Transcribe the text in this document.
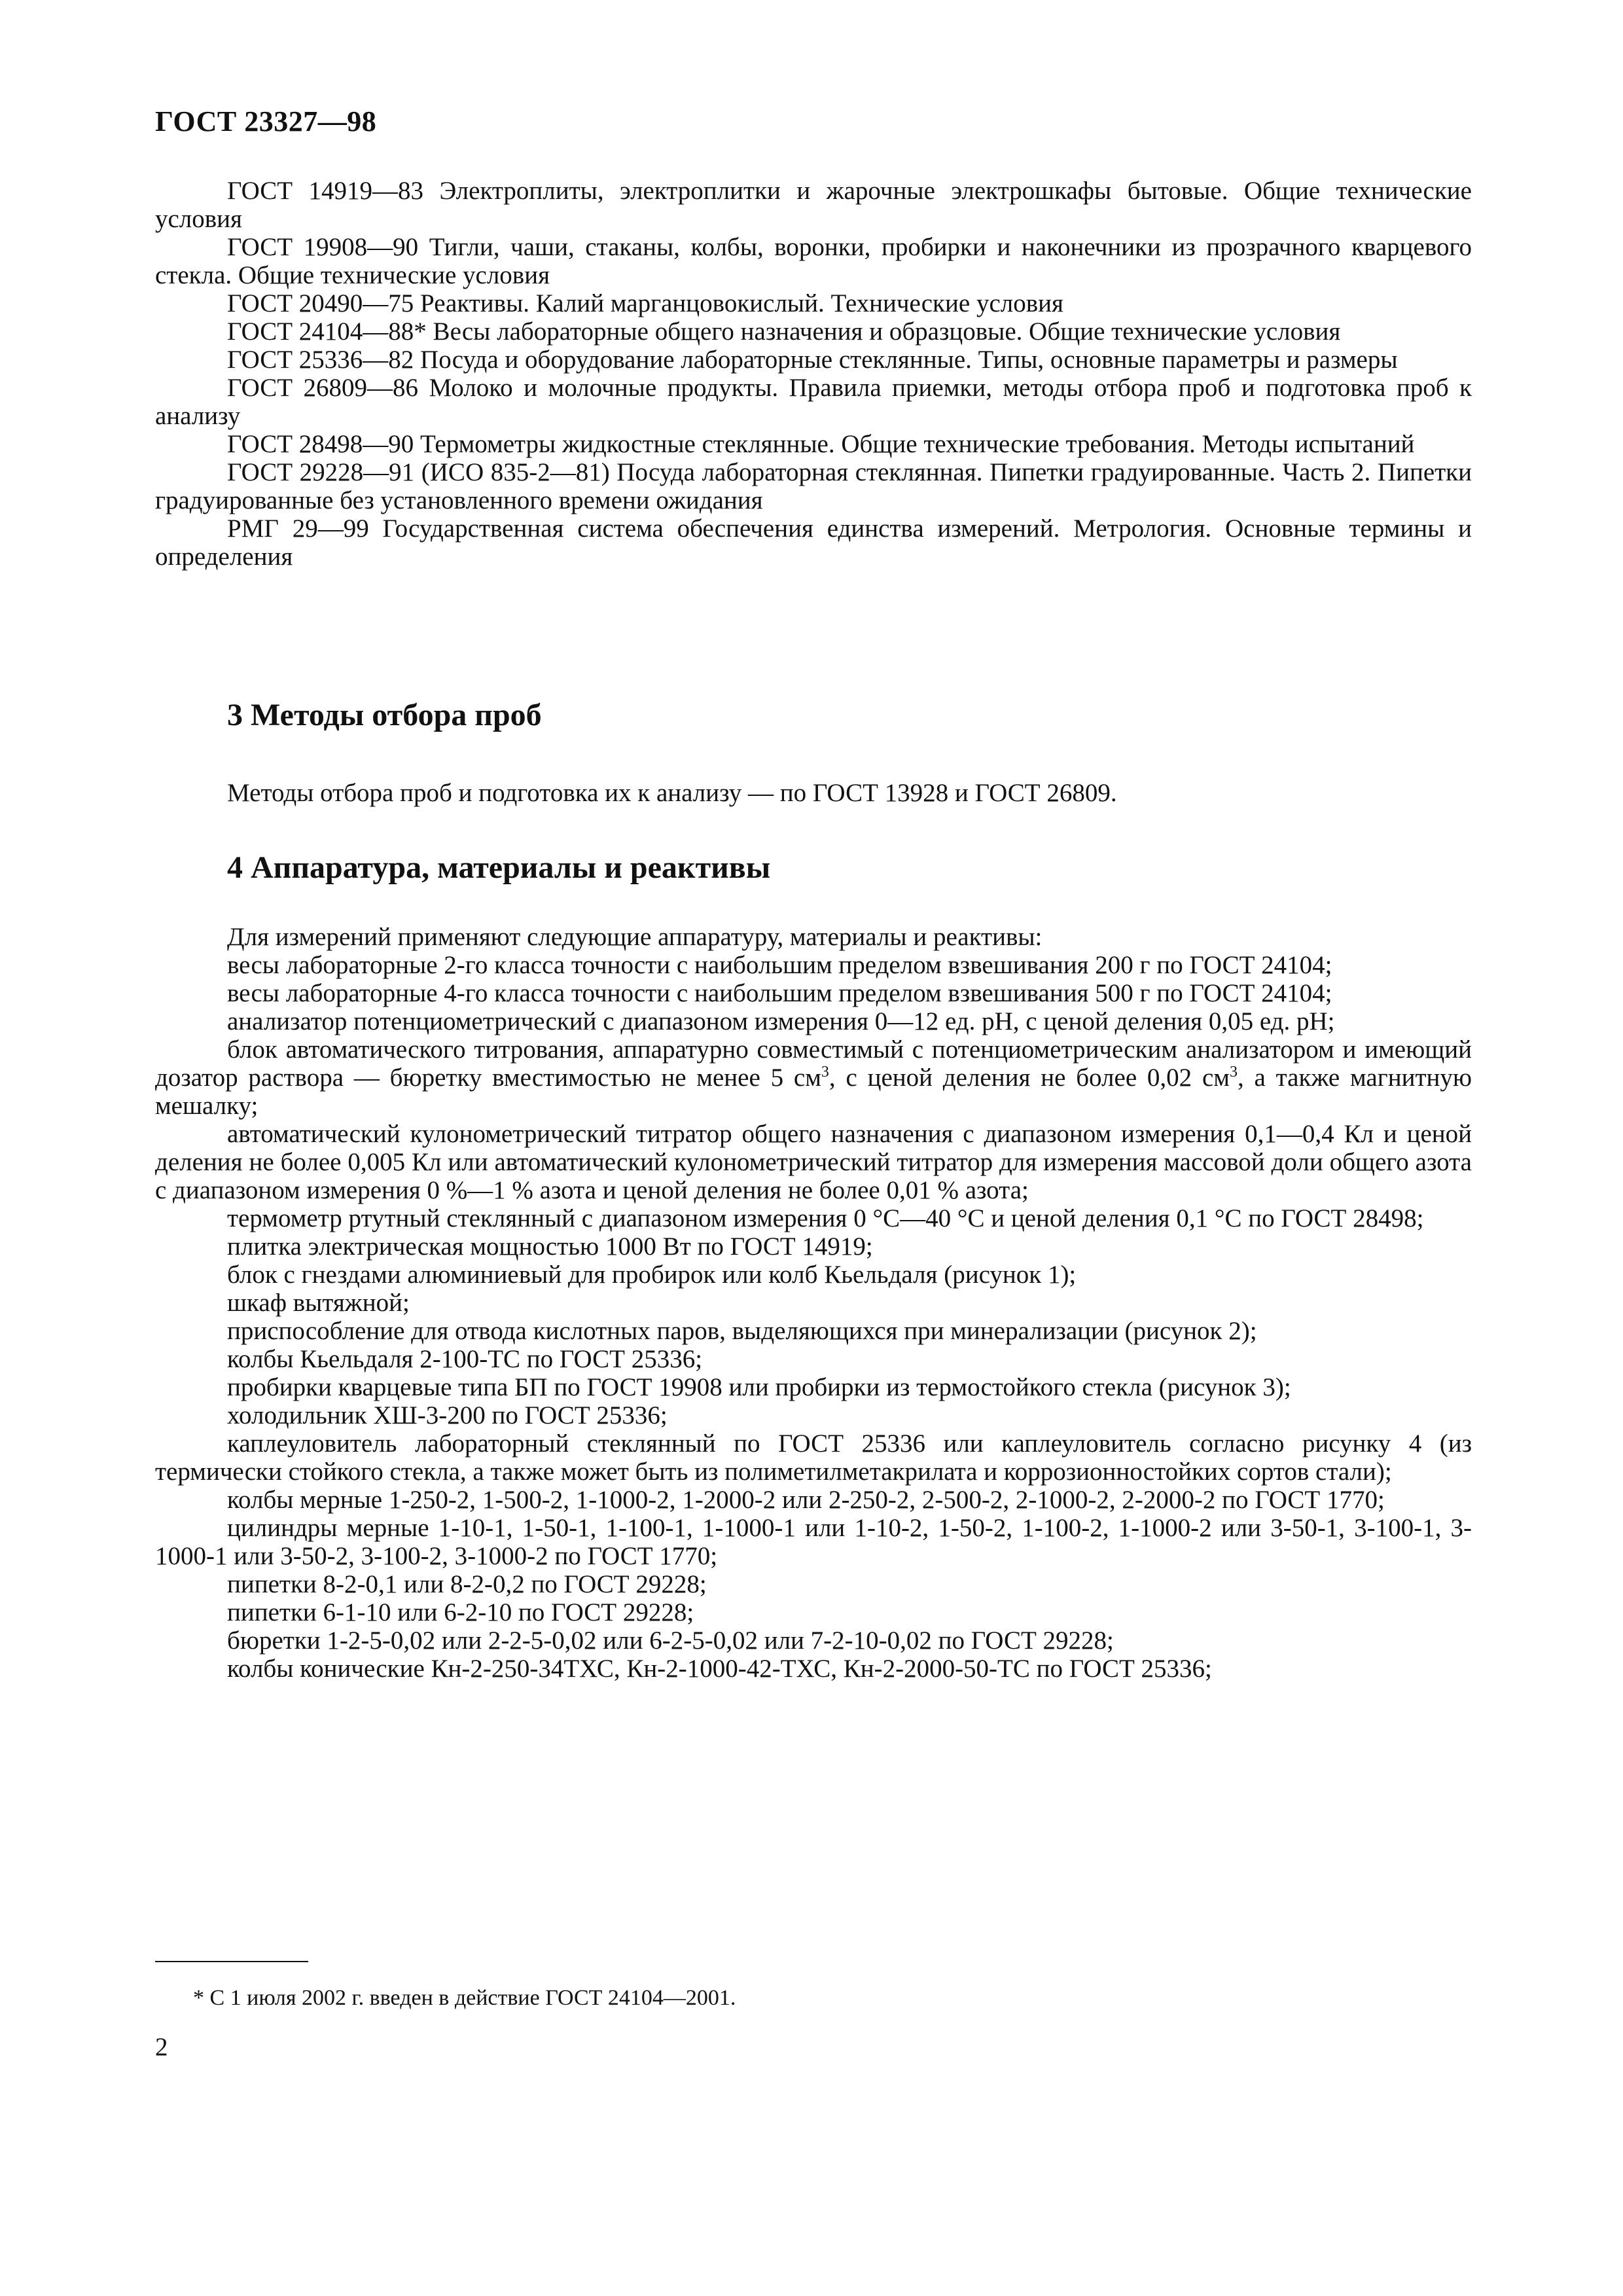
ГОСТ 23327—98

ГОСТ 14919—83 Электроплиты, электроплитки и жарочные электрошкафы бытовые. Общие технические условия

ГОСТ 19908—90 Тигли, чаши, стаканы, колбы, воронки, пробирки и наконечники из прозрачного кварцевого стекла. Общие технические условия

ГОСТ 20490—75 Реактивы. Калий марганцовокислый. Технические условия

ГОСТ 24104—88* Весы лабораторные общего назначения и образцовые. Общие технические условия

ГОСТ 25336—82 Посуда и оборудование лабораторные стеклянные. Типы, основные параметры и размеры

ГОСТ 26809—86 Молоко и молочные продукты. Правила приемки, методы отбора проб и подготовка проб к анализу

ГОСТ 28498—90 Термометры жидкостные стеклянные. Общие технические требования. Методы испытаний

ГОСТ 29228—91 (ИСО 835-2—81) Посуда лабораторная стеклянная. Пипетки градуированные. Часть 2. Пипетки градуированные без установленного времени ожидания

РМГ 29—99 Государственная система обеспечения единства измерений. Метрология. Основные термины и определения

3 Методы отбора проб

Методы отбора проб и подготовка их к анализу — по ГОСТ 13928 и ГОСТ 26809.

4 Аппаратура, материалы и реактивы

Для измерений применяют следующие аппаратуру, материалы и реактивы:

весы лабораторные 2-го класса точности с наибольшим пределом взвешивания 200 г по ГОСТ 24104;

весы лабораторные 4-го класса точности с наибольшим пределом взвешивания 500 г по ГОСТ 24104;

анализатор потенциометрический с диапазоном измерения 0—12 ед. pH, с ценой деления 0,05 ед. pH;

блок автоматического титрования, аппаратурно совместимый с потенциометрическим анализатором и имеющий дозатор раствора — бюретку вместимостью не менее 5 $см^3$, с ценой деления не более 0,02 $см^3$, а также магнитную мешалку;

автоматический кулонометрический титратор общего назначения с диапазоном измерения 0,1—0,4 Кл и ценой деления не более 0,005 Кл или автоматический кулонометрический титратор для измерения массовой доли общего азота с диапазоном измерения 0 %—1 % азота и ценой деления не более 0,01 % азота;

термометр ртутный стеклянный с диапазоном измерения 0 °С—40 °С и ценой деления 0,1 °С по ГОСТ 28498;

плитка электрическая мощностью 1000 Вт по ГОСТ 14919;

блок с гнездами алюминиевый для пробирок или колб Кьельдаля (рисунок 1);

шкаф вытяжной;

приспособление для отвода кислотных паров, выделяющихся при минерализации (рисунок 2);

колбы Кьельдаля 2-100-ТС по ГОСТ 25336;

пробирки кварцевые типа БП по ГОСТ 19908 или пробирки из термостойкого стекла (рисунок 3);

холодильник ХШ-3-200 по ГОСТ 25336;

каплеуловитель лабораторный стеклянный по ГОСТ 25336 или каплеуловитель согласно рисунку 4 (из термически стойкого стекла, а также может быть из полиметилметакрилата и коррозионностойких сортов стали);

колбы мерные 1-250-2, 1-500-2, 1-1000-2, 1-2000-2 или 2-250-2, 2-500-2, 2-1000-2, 2-2000-2 по ГОСТ 1770;

цилиндры мерные 1-10-1, 1-50-1, 1-100-1, 1-1000-1 или 1-10-2, 1-50-2, 1-100-2, 1-1000-2 или 3-50-1, 3-100-1, 3-1000-1 или 3-50-2, 3-100-2, 3-1000-2 по ГОСТ 1770;

пипетки 8-2-0,1 или 8-2-0,2 по ГОСТ 29228;

пипетки 6-1-10 или 6-2-10 по ГОСТ 29228;

бюретки 1-2-5-0,02 или 2-2-5-0,02 или 6-2-5-0,02 или 7-2-10-0,02 по ГОСТ 29228;

колбы конические Кн-2-250-34ТХС, Кн-2-1000-42-ТХС, Кн-2-2000-50-ТС по ГОСТ 25336;

* С 1 июля 2002 г. введен в действие ГОСТ 24104—2001.
2
